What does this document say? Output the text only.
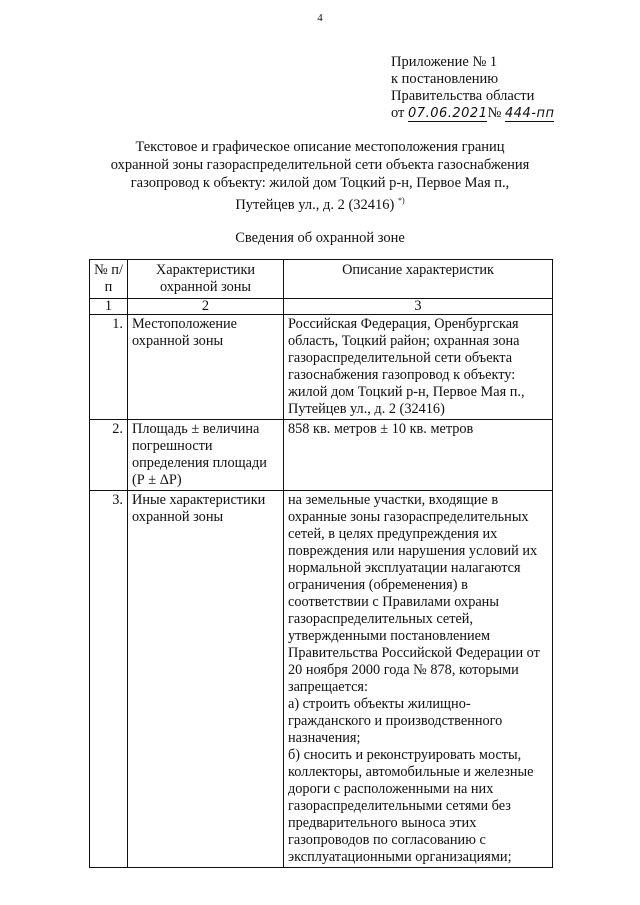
4
Приложение № 1
к постановлению
Правительства области
от 07.06.2021№ 444-пп
Текстовое и графическое описание местоположения границ
охранной зоны газораспределительной сети объекта газоснабжения
газопровод к объекту: жилой дом Тоцкий р-н, Первое Мая п.,
Путейцев ул., д. 2 (32416) *)
Сведения об охранной зоне
№ п/п	Характеристики охранной зоны	Описание характеристик
1	2	3
1.	Местоположение охранной зоны	Российская Федерация, Оренбургская область, Тоцкий район; охранная зона газораспределительной сети объекта газоснабжения газопровод к объекту: жилой дом Тоцкий р-н, Первое Мая п., Путейцев ул., д. 2 (32416)
2.	Площадь ± величина погрешности определения площади (Р ± ΔР)	858 кв. метров ± 10 кв. метров
3.	Иные характеристики охранной зоны	на земельные участки, входящие в охранные зоны газораспределительных сетей, в целях предупреждения их повреждения или нарушения условий их нормальной эксплуатации налагаются ограничения (обременения) в соответствии с Правилами охраны газораспределительных сетей, утвержденными постановлением Правительства Российской Федерации от 20 ноября 2000 года № 878, которыми запрещается:
а) строить объекты жилищно-гражданского и производственного назначения;
б) сносить и реконструировать мосты, коллекторы, автомобильные и железные дороги с расположенными на них газораспределительными сетями без предварительного выноса этих газопроводов по согласованию с эксплуатационными организациями;
